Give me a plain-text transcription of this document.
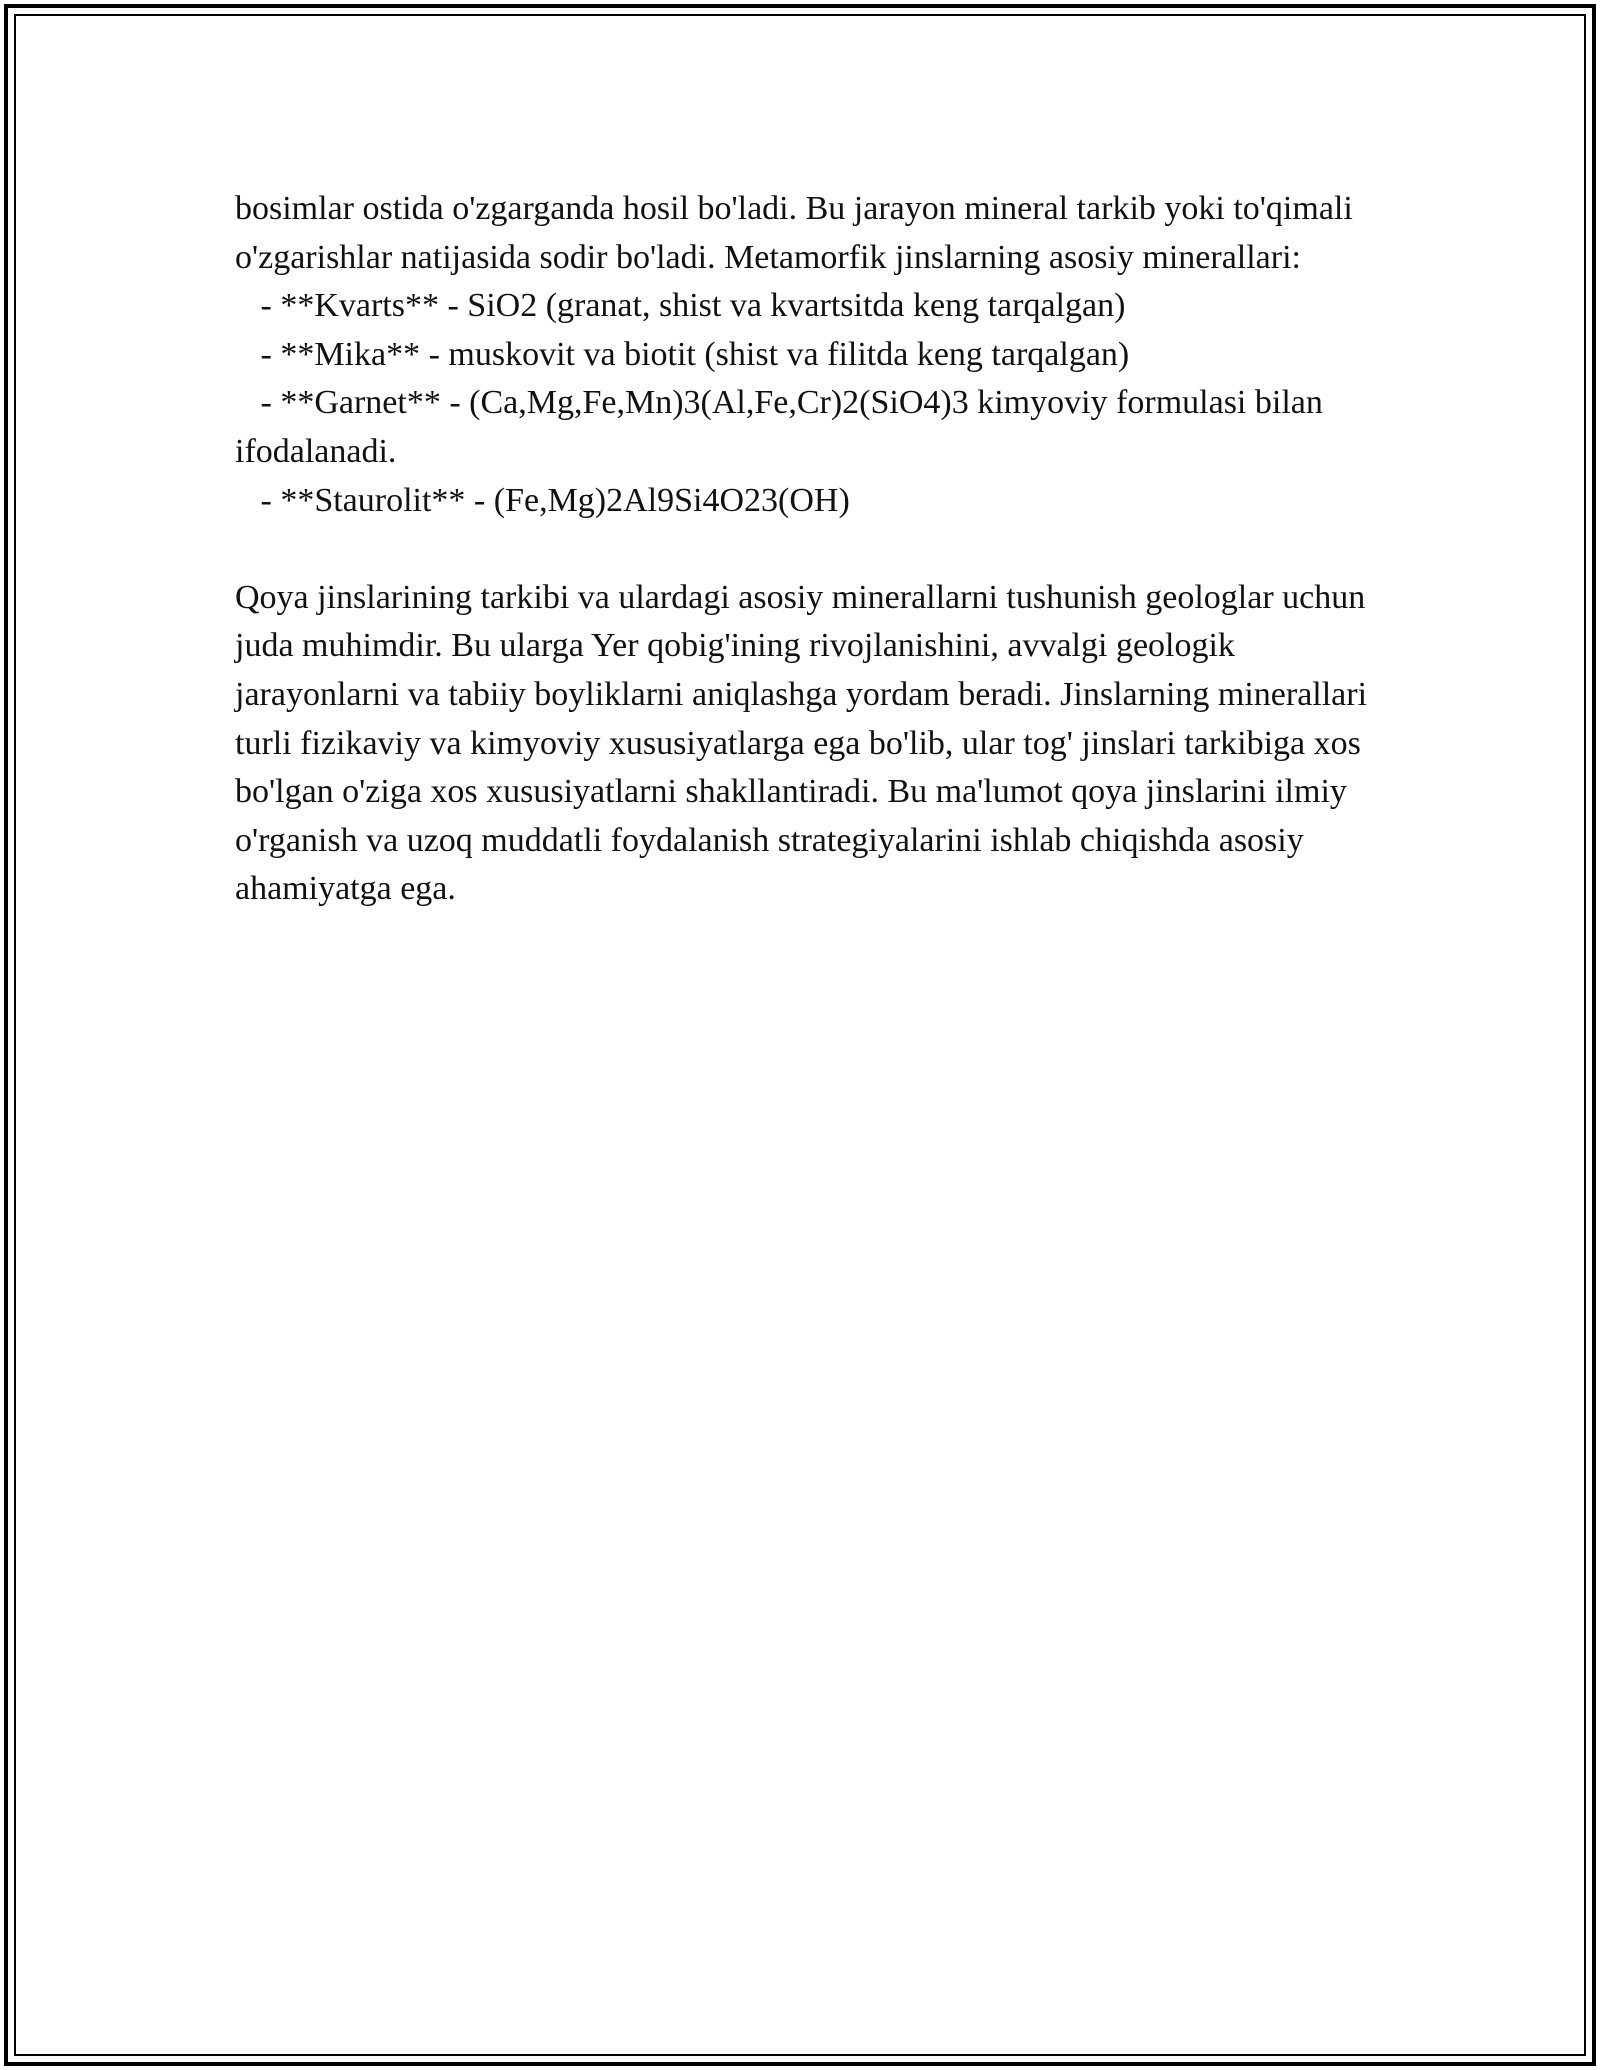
bosimlar ostida o'zgarganda hosil bo'ladi. Bu jarayon mineral tarkib yoki to'qimali o'zgarishlar natijasida sodir bo'ladi. Metamorfik jinslarning asosiy minerallari:

- **Kvarts** - SiO2 (granat, shist va kvartsitda keng tarqalgan)

- **Mika** - muskovit va biotit (shist va filitda keng tarqalgan)

- **Garnet** - (Ca,Mg,Fe,Mn)3(Al,Fe,Cr)2(SiO4)3 kimyoviy formulasi bilan ifodalanadi.

- **Staurolit** - (Fe,Mg)2Al9Si4O23(OH)

Qoya jinslarining tarkibi va ulardagi asosiy minerallarni tushunish geologlar uchun juda muhimdir. Bu ularga Yer qobig'ining rivojlanishini, avvalgi geologik jarayonlarni va tabiiy boyliklarni aniqlashga yordam beradi. Jinslarning minerallari turli fizikaviy va kimyoviy xususiyatlarga ega bo'lib, ular tog' jinslari tarkibiga xos bo'lgan o'ziga xos xususiyatlarni shakllantiradi. Bu ma'lumot qoya jinslarini ilmiy o'rganish va uzoq muddatli foydalanish strategiyalarini ishlab chiqishda asosiy ahamiyatga ega.
